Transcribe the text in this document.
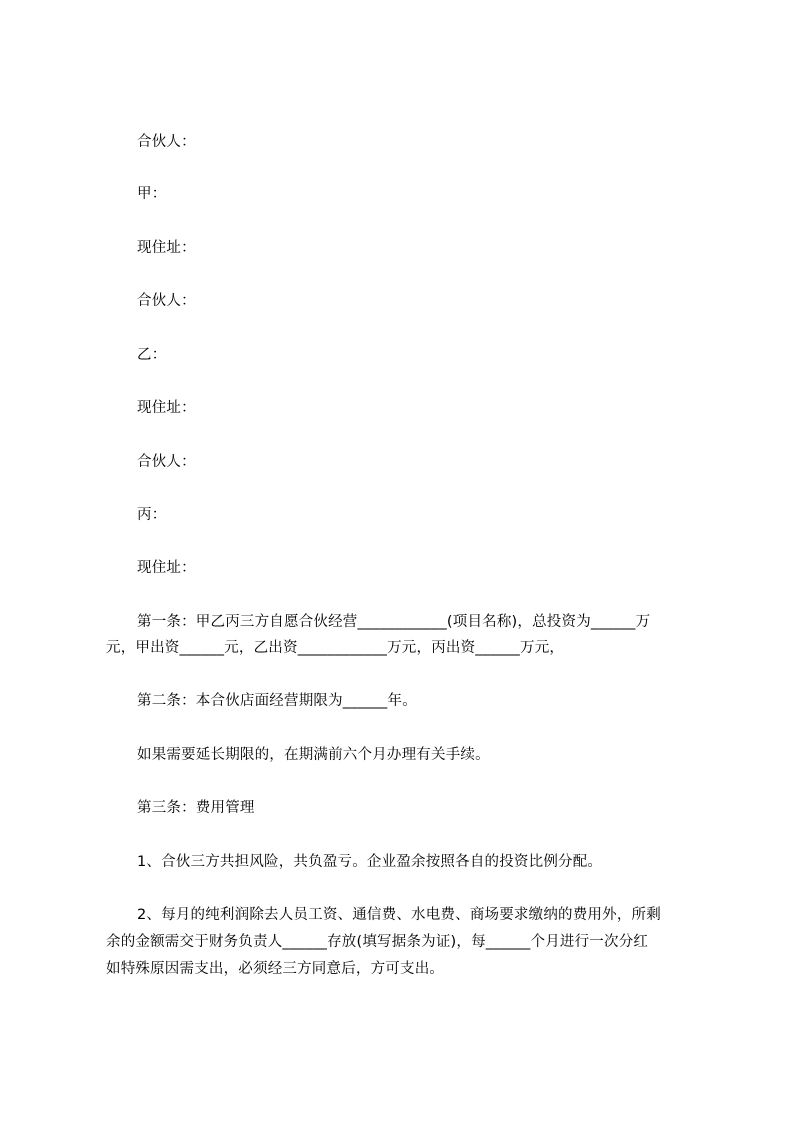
合伙人：
甲：
现住址：
合伙人：
乙：
现住址：
合伙人：
丙：
现住址：
第一条：甲乙丙三方自愿合伙经营____________(项目名称)，总投资为______万
元，甲出资______元，乙出资____________万元，丙出资______万元，
第二条：本合伙店面经营期限为______年。
如果需要延长期限的，在期满前六个月办理有关手续。
第三条：费用管理
1、合伙三方共担风险，共负盈亏。企业盈余按照各自的投资比例分配。
2、每月的纯利润除去人员工资、通信费、水电费、商场要求缴纳的费用外，所剩
余的金额需交于财务负责人______存放(填写据条为证)，每______个月进行一次分红
如特殊原因需支出，必须经三方同意后，方可支出。
